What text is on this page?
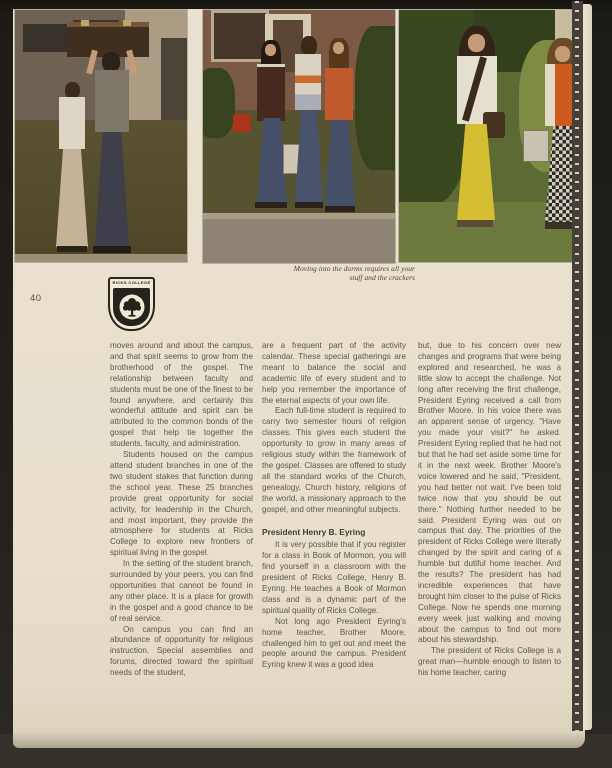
Moving into the dorms requires all your
stuff and the crackers
40
RICKS COLLEGE
moves around and about the campus, and that spirit seems to grow from the brotherhood of the gospel. The relationship between faculty and students must be one of the finest to be found anywhere, and certainly this wonderful attitude and spirit can be attributed to the common bonds of the gospel that help tie together the students, faculty, and administration.
Students housed on the campus attend student branches in one of the two student stakes that function during the school year. These 25 branches provide great opportunity for social activity, for leadership in the Church, and most important, they provide the atmosphere for students at Ricks College to explore new frontiers of spiritual living in the gospel.
In the setting of the student branch, surrounded by your peers, you can find opportunities that cannot be found in any other place. It is a place for growth in the gospel and a good chance to be of real service.
On campus you can find an abundance of opportunity for religious instruction. Special assemblies and forums, directed toward the spiritual needs of the student,
are a frequent part of the activity calendar. These special gatherings are meant to balance the social and academic life of every student and to help you remember the importance of the eternal aspects of your own life.
Each full-time student is required to carry two semester hours of religion classes. This gives each student the opportunity to grow in many areas of religious study within the framework of the gospel. Classes are offered to study all the standard works of the Church, genealogy, Church history, religions of the world, a missionary approach to the gospel, and other meaningful subjects.
President Henry B. Eyring
It is very possible that if you register for a class in Book of Mormon, you will find yourself in a classroom with the president of Ricks College, Henry B. Eyring. He teaches a Book of Mormon class and is a dynamic part of the spiritual quality of Ricks College.
Not long ago President Eyring's home teacher, Brother Moore, challenged him to get out and meet the people around the campus. President Eyring knew it was a good idea
but, due to his concern over new changes and programs that were being explored and researched, he was a little slow to accept the challenge. Not long after receiving the first challenge, President Eyring received a call from Brother Moore. In his voice there was an apparent sense of urgency. "Have you made your visit?" he asked. President Eyring replied that he had not but that he had set aside some time for it in the next week. Brother Moore's voice lowered and he said, "President, you had better not wait. I've been told twice now that you should be out there." Nothing further needed to be said. President Eyring was out on campus that day. The priorities of the president of Ricks College were literally changed by the spirit and caring of a humble but dutiful home teacher. And the results? The president has had incredible experiences that have brought him closer to the pulse of Ricks College. Now he spends one morning every week just walking and moving about the campus to find out more about his stewardship.
The president of Ricks College is a great man—humble enough to listen to his home teacher, caring
